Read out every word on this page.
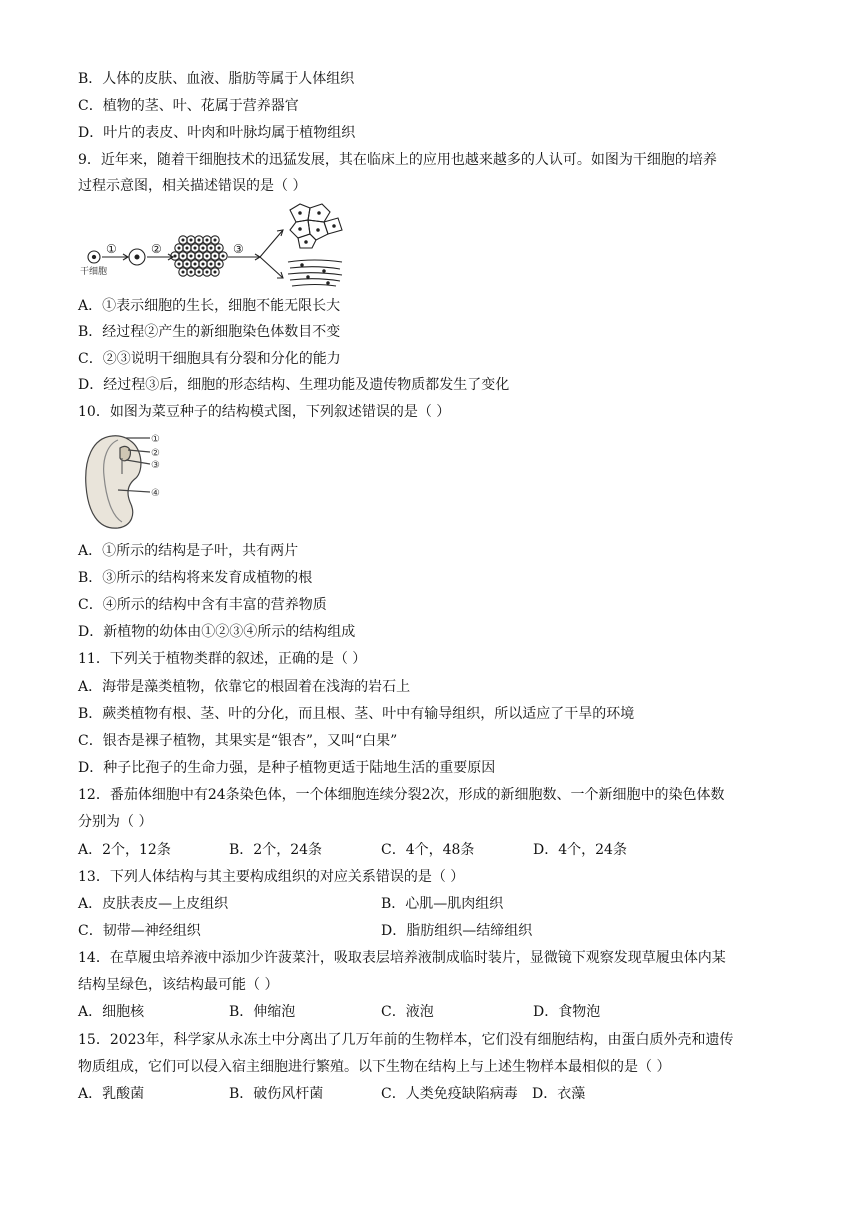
B．人体的皮肤、血液、脂肪等属于人体组织
C．植物的茎、叶、花属于营养器官
D．叶片的表皮、叶肉和叶脉均属于植物组织
9．近年来，随着干细胞技术的迅猛发展，其在临床上的应用也越来越多的人认可。如图为干细胞的培养
过程示意图，相关描述错误的是（ ）
①	②	③
干细胞
A．①表示细胞的生长，细胞不能无限长大
B．经过程②产生的新细胞染色体数目不变
C．②③说明干细胞具有分裂和分化的能力
D．经过程③后，细胞的形态结构、生理功能及遗传物质都发生了变化
10．如图为菜豆种子的结构模式图，下列叙述错误的是（ ）
①
②
③
④
A．①所示的结构是子叶，共有两片
B．③所示的结构将来发育成植物的根
C．④所示的结构中含有丰富的营养物质
D．新植物的幼体由①②③④所示的结构组成
11．下列关于植物类群的叙述，正确的是（ ）
A．海带是藻类植物，依靠它的根固着在浅海的岩石上
B．蕨类植物有根、茎、叶的分化，而且根、茎、叶中有输导组织，所以适应了干旱的环境
C．银杏是裸子植物，其果实是“银杏”，又叫“白果”
D．种子比孢子的生命力强，是种子植物更适于陆地生活的重要原因
12．番茄体细胞中有24条染色体，一个体细胞连续分裂2次，形成的新细胞数、一个新细胞中的染色体数
分别为（ ）
A．2个，12条	B．2个，24条	C．4个，48条	D．4个，24条
13．下列人体结构与其主要构成组织的对应关系错误的是（ ）
A．皮肤表皮—上皮组织	B．心肌—肌肉组织
C．韧带—神经组织	D．脂肪组织—结缔组织
14．在草履虫培养液中添加少许菠菜汁，吸取表层培养液制成临时装片，显微镜下观察发现草履虫体内某
结构呈绿色，该结构最可能（ ）
A．细胞核	B．伸缩泡	C．液泡	D．食物泡
15．2023年，科学家从永冻土中分离出了几万年前的生物样本，它们没有细胞结构，由蛋白质外壳和遗传
物质组成，它们可以侵入宿主细胞进行繁殖。以下生物在结构上与上述生物样本最相似的是（ ）
A．乳酸菌	B．破伤风杆菌	C．人类免疫缺陷病毒 D．衣藻
